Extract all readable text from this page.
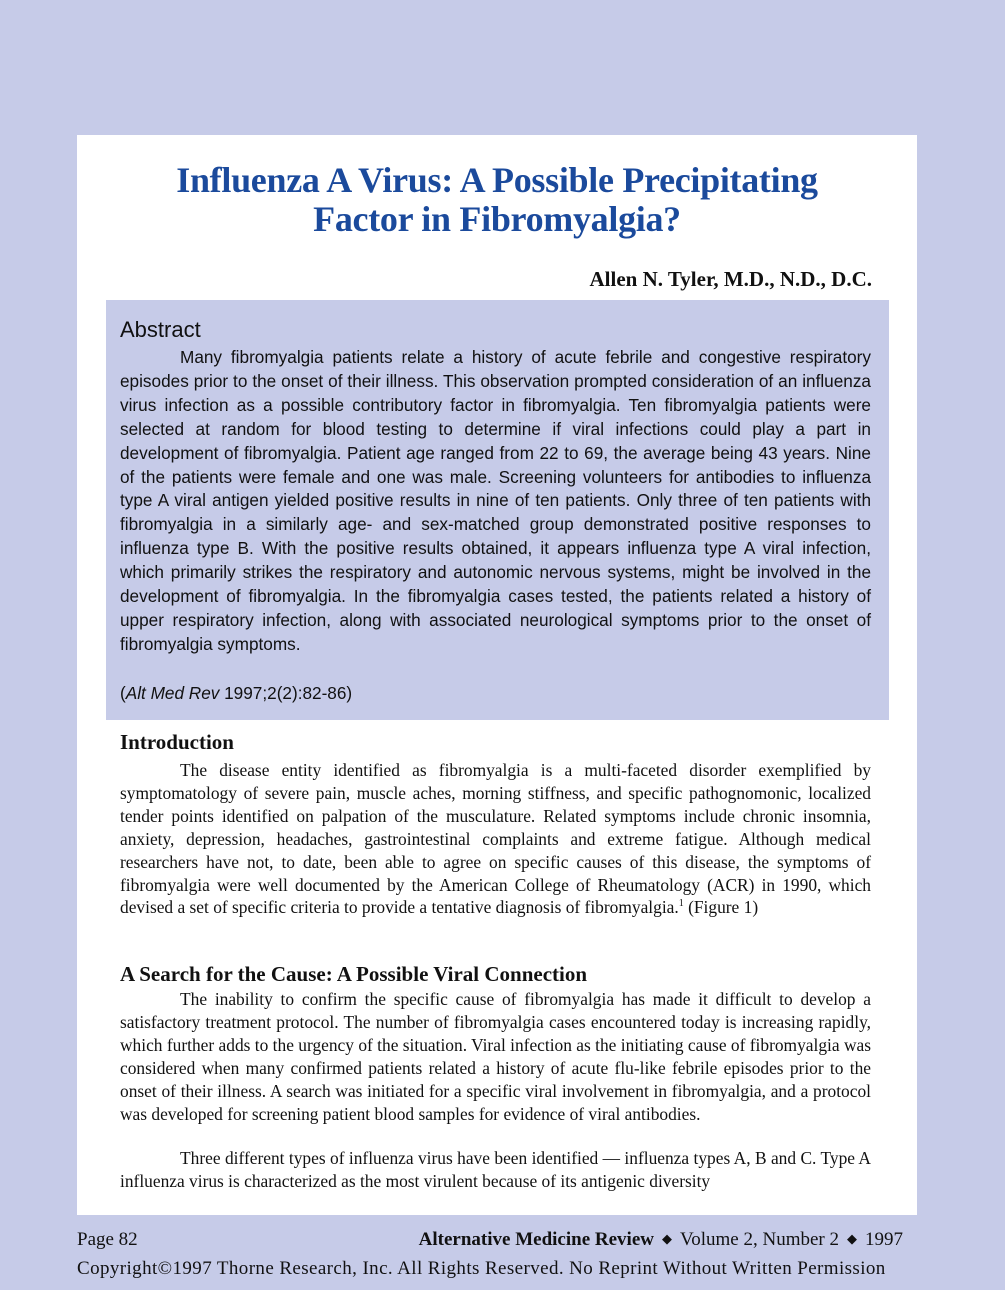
Influenza A Virus: A Possible Precipitating
Factor in Fibromyalgia?
Allen N. Tyler, M.D., N.D., D.C.
Abstract

Many fibromyalgia patients relate a history of acute febrile and congestive respiratory episodes prior to the onset of their illness. This observation prompted consideration of an influenza virus infection as a possible contributory factor in fibromyalgia. Ten fibromyalgia patients were selected at random for blood testing to determine if viral infections could play a part in development of fibromyalgia. Patient age ranged from 22 to 69, the average being 43 years. Nine of the patients were female and one was male. Screening volunteers for antibodies to influenza type A viral antigen yielded positive results in nine of ten patients. Only three of ten patients with fibromyalgia in a similarly age- and sex-matched group demonstrated positive responses to influenza type B. With the positive results obtained, it appears influenza type A viral infection, which primarily strikes the respiratory and autonomic nervous systems, might be involved in the development of fibromyalgia. In the fibromyalgia cases tested, the patients related a history of upper respiratory infection, along with associated neurological symptoms prior to the onset of fibromyalgia symptoms.

(Alt Med Rev 1997;2(2):82-86)
Introduction

The disease entity identified as fibromyalgia is a multi-faceted disorder exemplified by symptomatology of severe pain, muscle aches, morning stiffness, and specific pathognomonic, localized tender points identified on palpation of the musculature. Related symptoms include chronic insomnia, anxiety, depression, headaches, gastrointestinal complaints and extreme fatigue. Although medical researchers have not, to date, been able to agree on specific causes of this disease, the symptoms of fibromyalgia were well documented by the American College of Rheumatology (ACR) in 1990, which devised a set of specific criteria to provide a tentative diagnosis of fibromyalgia.$^1$ (Figure 1)

A Search for the Cause: A Possible Viral Connection

The inability to confirm the specific cause of fibromyalgia has made it difficult to develop a satisfactory treatment protocol. The number of fibromyalgia cases encountered today is increasing rapidly, which further adds to the urgency of the situation. Viral infection as the initiating cause of fibromyalgia was considered when many confirmed patients related a history of acute flu-like febrile episodes prior to the onset of their illness. A search was initiated for a specific viral involvement in fibromyalgia, and a protocol was developed for screening patient blood samples for evidence of viral antibodies.

Three different types of influenza virus have been identified — influenza types A, B and C. Type A influenza virus is characterized as the most virulent because of its antigenic diversity

Page 82	Alternative Medicine Review ◆ Volume 2, Number 2 ◆ 1997
Copyright©1997 Thorne Research, Inc. All Rights Reserved. No Reprint Without Written Permission
